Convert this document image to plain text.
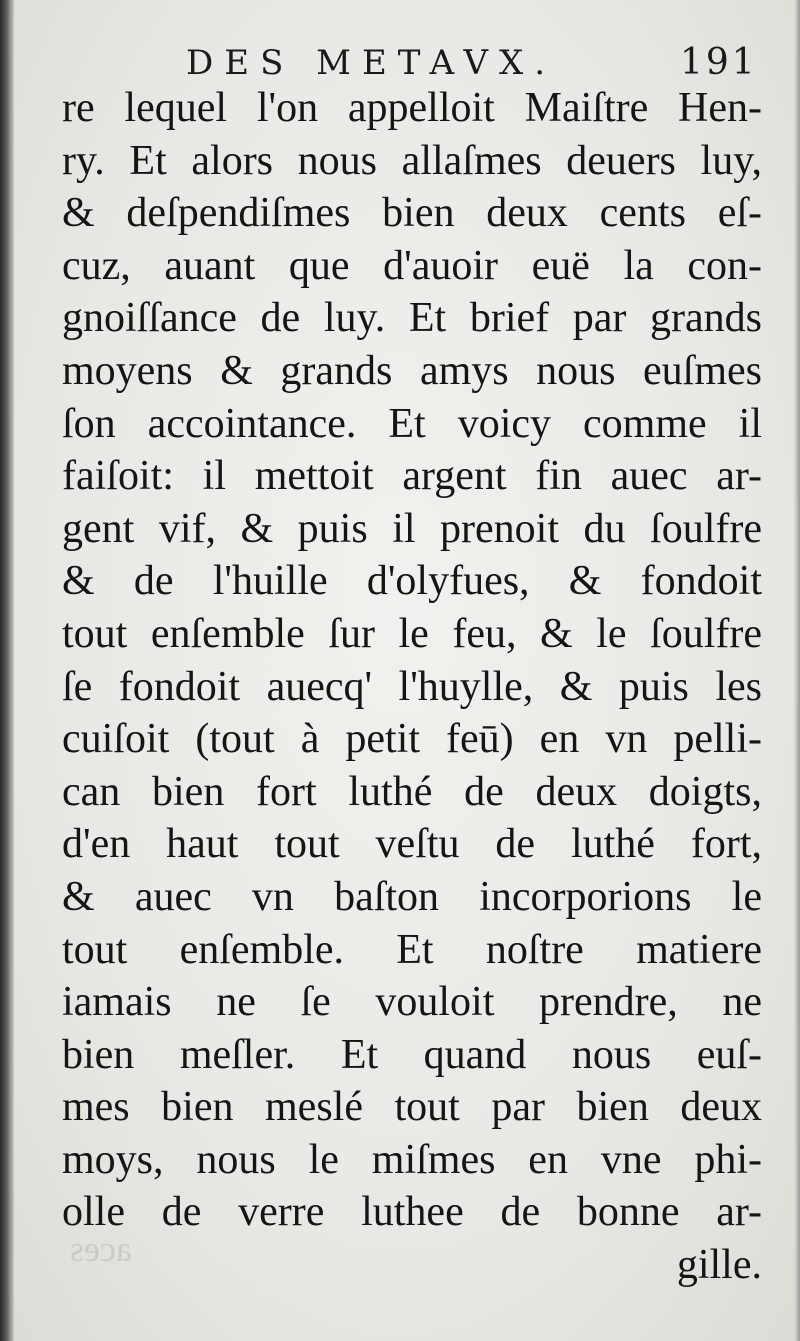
aces
DES METAVX.	191
re lequel l'on appelloit Maiſtre Hen-
ry. Et alors nous allaſmes deuers luy,
& deſpendiſmes bien deux cents eſ-
cuz, auant que d'auoir euë la con-
gnoiſſance de luy. Et brief par grands
moyens & grands amys nous euſmes
ſon accointance. Et voicy comme il
faiſoit: il mettoit argent fin auec ar-
gent vif, & puis il prenoit du ſoulfre
& de l'huille d'olyfues, & fondoit
tout enſemble ſur le feu, & le ſoulfre
ſe fondoit auecq' l'huylle, & puis les
cuiſoit (tout à petit feū) en vn pelli-
can bien fort luthé de deux doigts,
d'en haut tout veſtu de luthé fort,
& auec vn baſton incorporions le
tout enſemble. Et noſtre matiere
iamais ne ſe vouloit prendre, ne
bien meſler. Et quand nous euſ-
mes bien meslé tout par bien deux
moys, nous le miſmes en vne phi-
olle de verre luthee de bonne ar-
gille.
